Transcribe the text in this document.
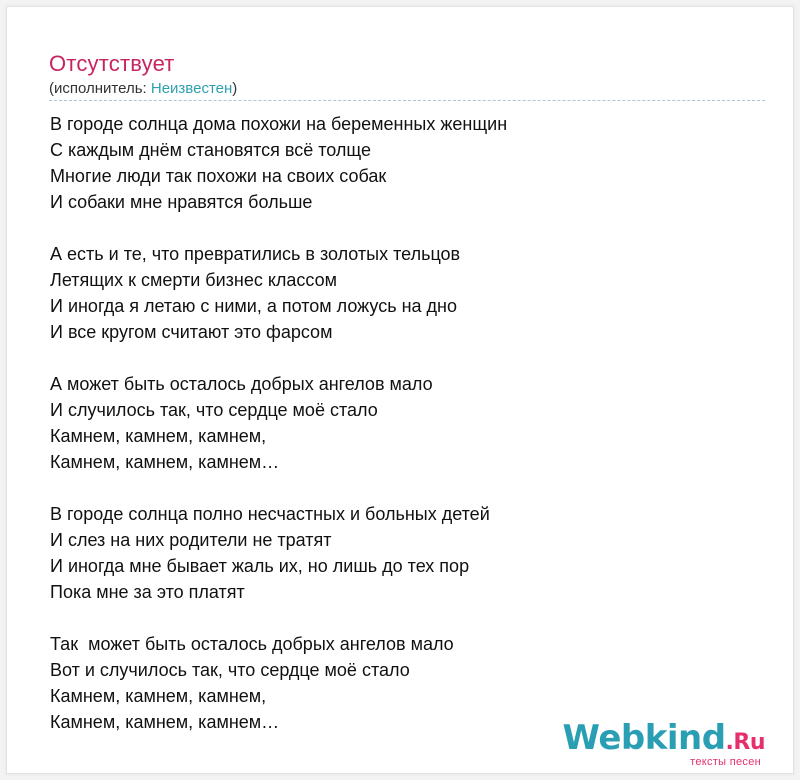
Отсутствует
(исполнитель: Неизвестен)
В городе солнца дома похожи на беременных женщин
С каждым днём становятся всё толще
Многие люди так похожи на своих собак
И собаки мне нравятся больше
А есть и те, что превратились в золотых тельцов
Летящих к смерти бизнес классом
И иногда я летаю с ними, а потом ложусь на дно
И все кругом считают это фарсом
А может быть осталось добрых ангелов мало
И случилось так, что сердце моё стало
Камнем, камнем, камнем,
Камнем, камнем, камнем…
В городе солнца полно несчастных и больных детей
И слез на них родители не тратят
И иногда мне бывает жаль их, но лишь до тех пор
Пока мне за это платят
Так  может быть осталось добрых ангелов мало
Вот и случилось так, что сердце моё стало
Камнем, камнем, камнем,
Камнем, камнем, камнем…	Webkind.Ru
тексты песен
